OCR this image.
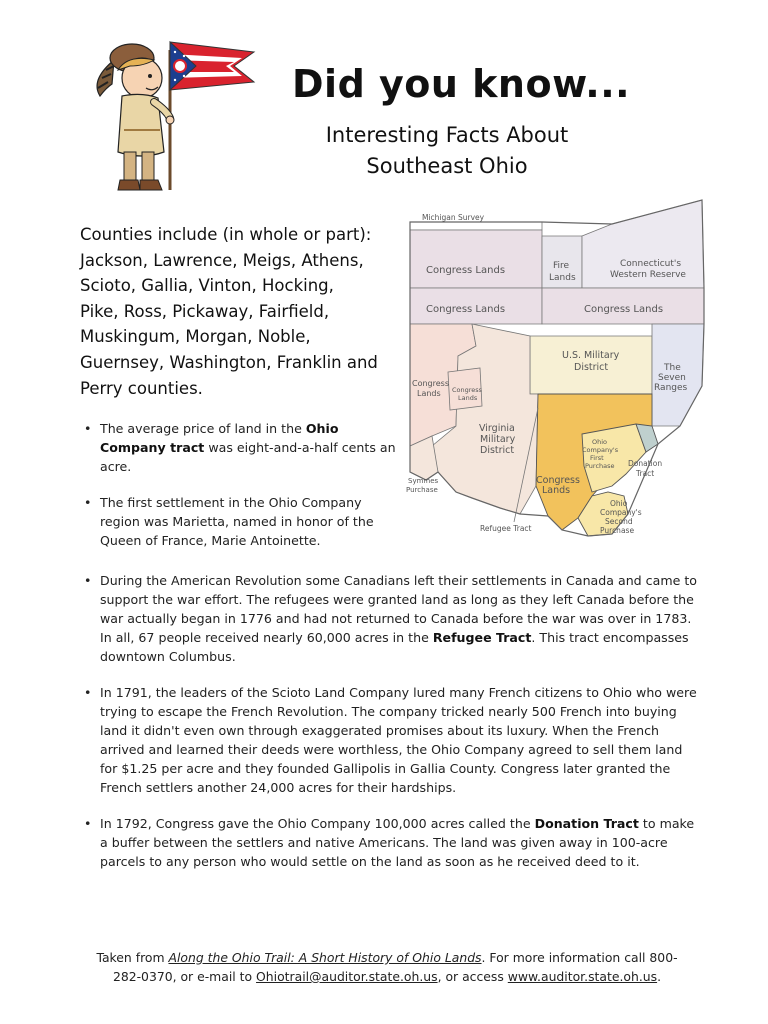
Did you know...
Interesting Facts About
Southeast Ohio
Counties include (in whole or part):
Jackson, Lawrence, Meigs, Athens,
Scioto, Gallia, Vinton, Hocking,
Pike, Ross, Pickaway, Fairfield,
Muskingum, Morgan, Noble,
Guernsey, Washington, Franklin and
Perry counties.
Michigan Survey
Congress Lands	Fire
Lands
Connecticut's
Western Reserve
Congress Lands	Congress Lands
U.S. Military
District	The
Seven
Ranges
Congress
Lands Congress
Lands
Virginia
Military
District
Ohio
Company's
First
Purchase Donation
Tract
Congress
Lands
Symmes
Purchase
Ohio
Company's
Second
Purchase
Refugee Tract
• The average price of land in the Ohio Company tract was eight-and-a-half cents an acre.
• The first settlement in the Ohio Company region was Marietta, named in honor of the Queen of France, Marie Antoinette.
• During the American Revolution some Canadians left their settlements in Canada and came to support the war effort. The refugees were granted land as long as they left Canada before the war actually began in 1776 and had not returned to Canada before the war was over in 1783. In all, 67 people received nearly 60,000 acres in the Refugee Tract. This tract encompasses downtown Columbus.
• In 1791, the leaders of the Scioto Land Company lured many French citizens to Ohio who were trying to escape the French Revolution. The company tricked nearly 500 French into buying land it didn't even own through exaggerated promises about its luxury. When the French arrived and learned their deeds were worthless, the Ohio Company agreed to sell them land for $1.25 per acre and they founded Gallipolis in Gallia County. Congress later granted the French settlers another 24,000 acres for their hardships.
• In 1792, Congress gave the Ohio Company 100,000 acres called the Donation Tract to make a buffer between the settlers and native Americans. The land was given away in 100-acre parcels to any person who would settle on the land as soon as he received deed to it.
Taken from Along the Ohio Trail: A Short History of Ohio Lands. For more information call 800-282-0370, or e-mail to Ohiotrail@auditor.state.oh.us, or access www.auditor.state.oh.us.
